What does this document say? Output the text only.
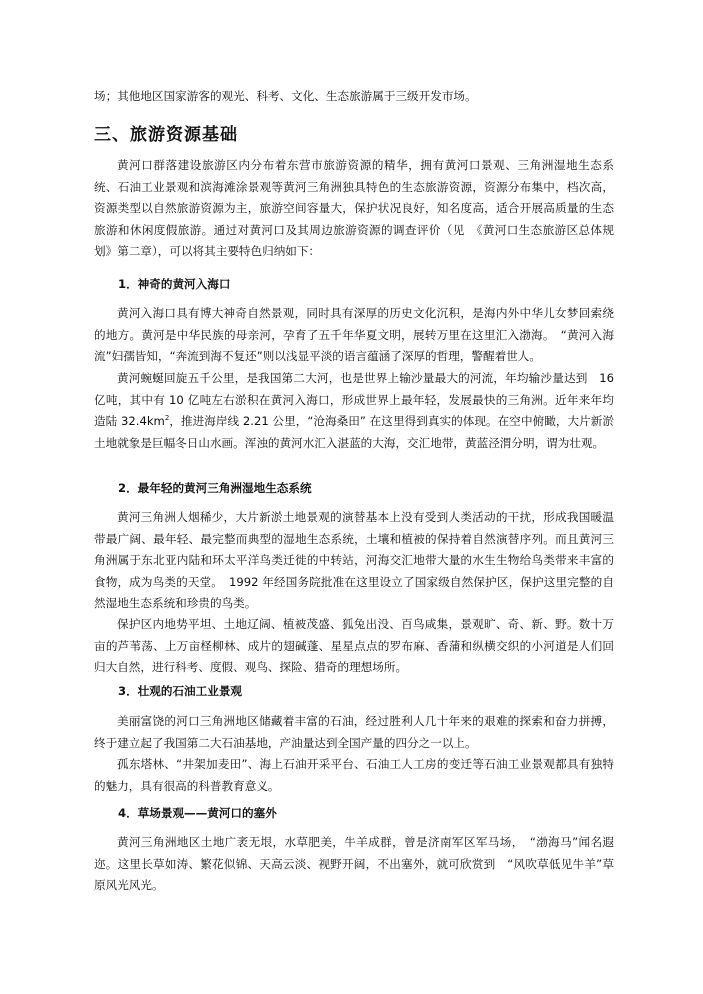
场；其他地区国家游客的观光、科考、文化、生态旅游属于三级开发市场。

三、旅游资源基础

黄河口群落建设旅游区内分布着东营市旅游资源的精华，拥有黄河口景观、三角洲湿地生态系统、石油工业景观和滨海滩涂景观等黄河三角洲独具特色的生态旅游资源，资源分布集中，档次高，资源类型以自然旅游资源为主，旅游空间容量大，保护状况良好，知名度高，适合开展高质量的生态旅游和休闲度假旅游。通过对黄河口及其周边旅游资源的调查评价（见　《黄河口生态旅游区总体规划》第二章），可以将其主要特色归纳如下：

1．神奇的黄河入海口

黄河入海口具有博大神奇自然景观，同时具有深厚的历史文化沉积，是海内外中华儿女梦回索绕的地方。黄河是中华民族的母亲河，孕育了五千年华夏文明，展转万里在这里汇入渤海。　“黄河入海流”妇孺皆知，“奔流到海不复还”则以浅显平淡的语言蕴涵了深厚的哲理，警醒着世人。

黄河蜿蜒回旋五千公里，是我国第二大河，也是世界上输沙量最大的河流，年均输沙量达到　16亿吨，其中有 10 亿吨左右淤积在黄河入海口，形成世界上最年轻，发展最快的三角洲。近年来年均造陆 $32.4km^2$，推进海岸线 2.21 公里，“沧海桑田” 在这里得到真实的体现。在空中俯瞰，大片新淤土地就象是巨幅冬日山水画。浑浊的黄河水汇入湛蓝的大海，交汇地带，黄蓝泾渭分明，谓为壮观。

2．最年轻的黄河三角洲湿地生态系统

黄河三角洲人烟稀少，大片新淤土地景观的演替基本上没有受到人类活动的干扰，形成我国暖温带最广阔、最年轻、最完整而典型的湿地生态系统，土壤和植被的保持着自然演替序列。而且黄河三角洲属于东北亚内陆和环太平洋鸟类迁徙的中转站，河海交汇地带大量的水生生物给鸟类带来丰富的食物，成为鸟类的天堂。　1992 年经国务院批准在这里设立了国家级自然保护区，保护这里完整的自然湿地生态系统和珍贵的鸟类。

保护区内地势平坦、土地辽阔、植被茂盛、狐兔出没、百鸟咸集，景观旷、奇、新、野。数十万亩的芦苇荡、上万亩柽柳林、成片的翅碱蓬、星星点点的罗布麻、香蒲和纵横交织的小河道是人们回归大自然，进行科考、度假、观鸟、探险、猎奇的理想场所。

3．壮观的石油工业景观

美丽富饶的河口三角洲地区储藏着丰富的石油，经过胜利人几十年来的艰难的探索和奋力拼搏，终于建立起了我国第二大石油基地，产油量达到全国产量的四分之一以上。

孤东塔林、“井架加麦田”、海上石油开采平台、石油工人工房的变迁等石油工业景观都具有独特的魅力，具有很高的科普教育意义。

4．草场景观——黄河口的塞外

黄河三角洲地区土地广袤无垠，水草肥美，牛羊成群，曾是济南军区军马场，　“渤海马”闻名遐迩。这里长草如涛、繁花似锦、天高云淡、视野开阔，不出塞外，就可欣赏到　“风吹草低见牛羊”草原风光风光。
